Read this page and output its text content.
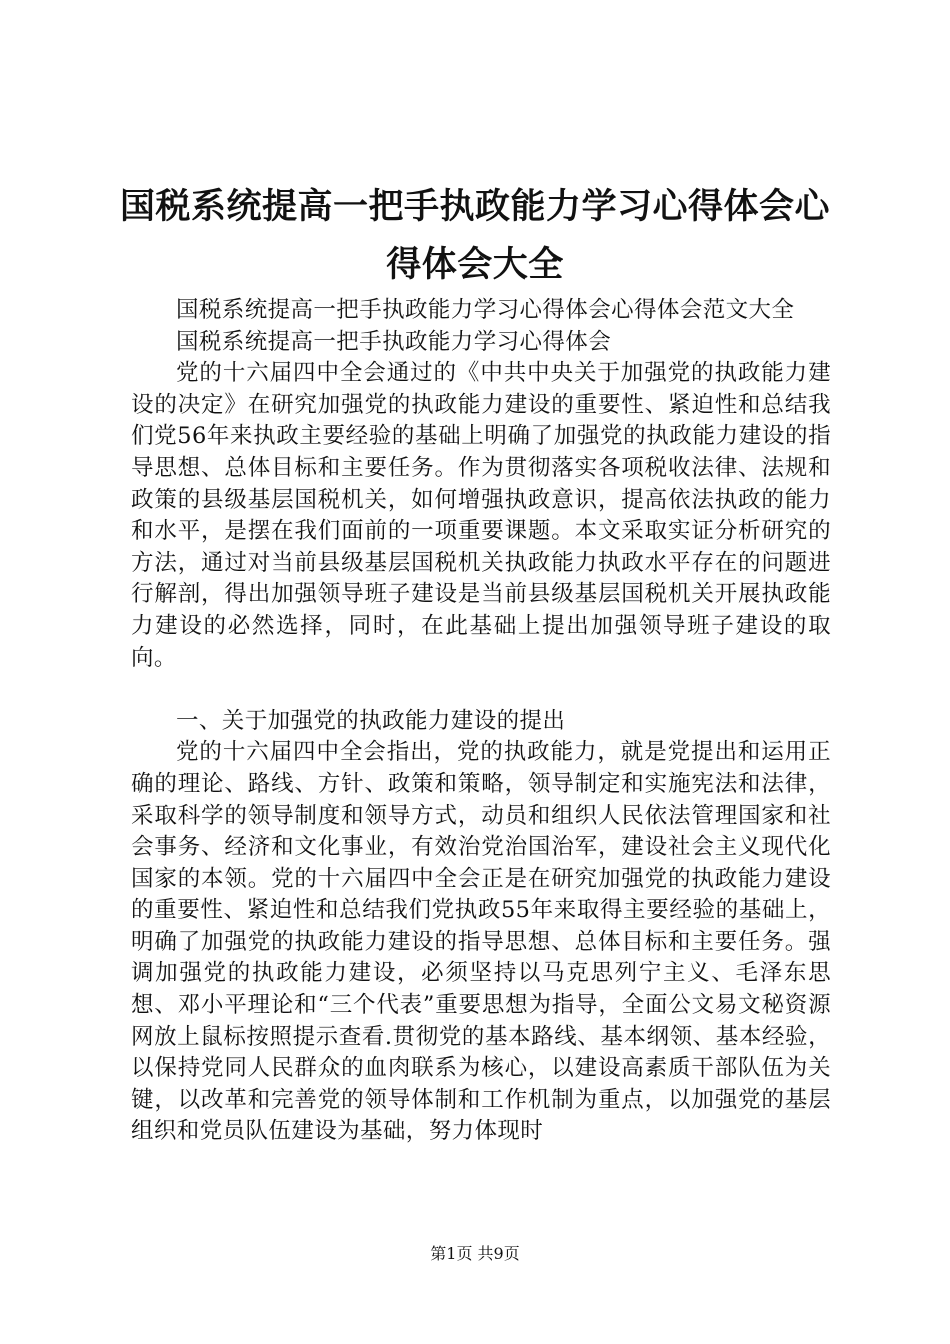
国税系统提高一把手执政能力学习心得体会心得体会大全

国税系统提高一把手执政能力学习心得体会心得体会范文大全

国税系统提高一把手执政能力学习心得体会

党的十六届四中全会通过的《中共中央关于加强党的执政能力建设的决定》在研究加强党的执政能力建设的重要性、紧迫性和总结我们党56年来执政主要经验的基础上明确了加强党的执政能力建设的指导思想、总体目标和主要任务。作为贯彻落实各项税收法律、法规和政策的县级基层国税机关，如何增强执政意识，提高依法执政的能力和水平，是摆在我们面前的一项重要课题。本文采取实证分析研究的方法，通过对当前县级基层国税机关执政能力执政水平存在的问题进行解剖，得出加强领导班子建设是当前县级基层国税机关开展执政能力建设的必然选择，同时，在此基础上提出加强领导班子建设的取向。

一、关于加强党的执政能力建设的提出

党的十六届四中全会指出，党的执政能力，就是党提出和运用正确的理论、路线、方针、政策和策略，领导制定和实施宪法和法律，采取科学的领导制度和领导方式，动员和组织人民依法管理国家和社会事务、经济和文化事业，有效治党治国治军，建设社会主义现代化国家的本领。党的十六届四中全会正是在研究加强党的执政能力建设的重要性、紧迫性和总结我们党执政55年来取得主要经验的基础上，明确了加强党的执政能力建设的指导思想、总体目标和主要任务。强调加强党的执政能力建设，必须坚持以马克思列宁主义、毛泽东思想、邓小平理论和“三个代表”重要思想为指导，全面公文易文秘资源网放上鼠标按照提示查看.贯彻党的基本路线、基本纲领、基本经验，以保持党同人民群众的血肉联系为核心，以建设高素质干部队伍为关键，以改革和完善党的领导体制和工作机制为重点，以加强党的基层组织和党员队伍建设为基础，努力体现时

第1页 共9页
